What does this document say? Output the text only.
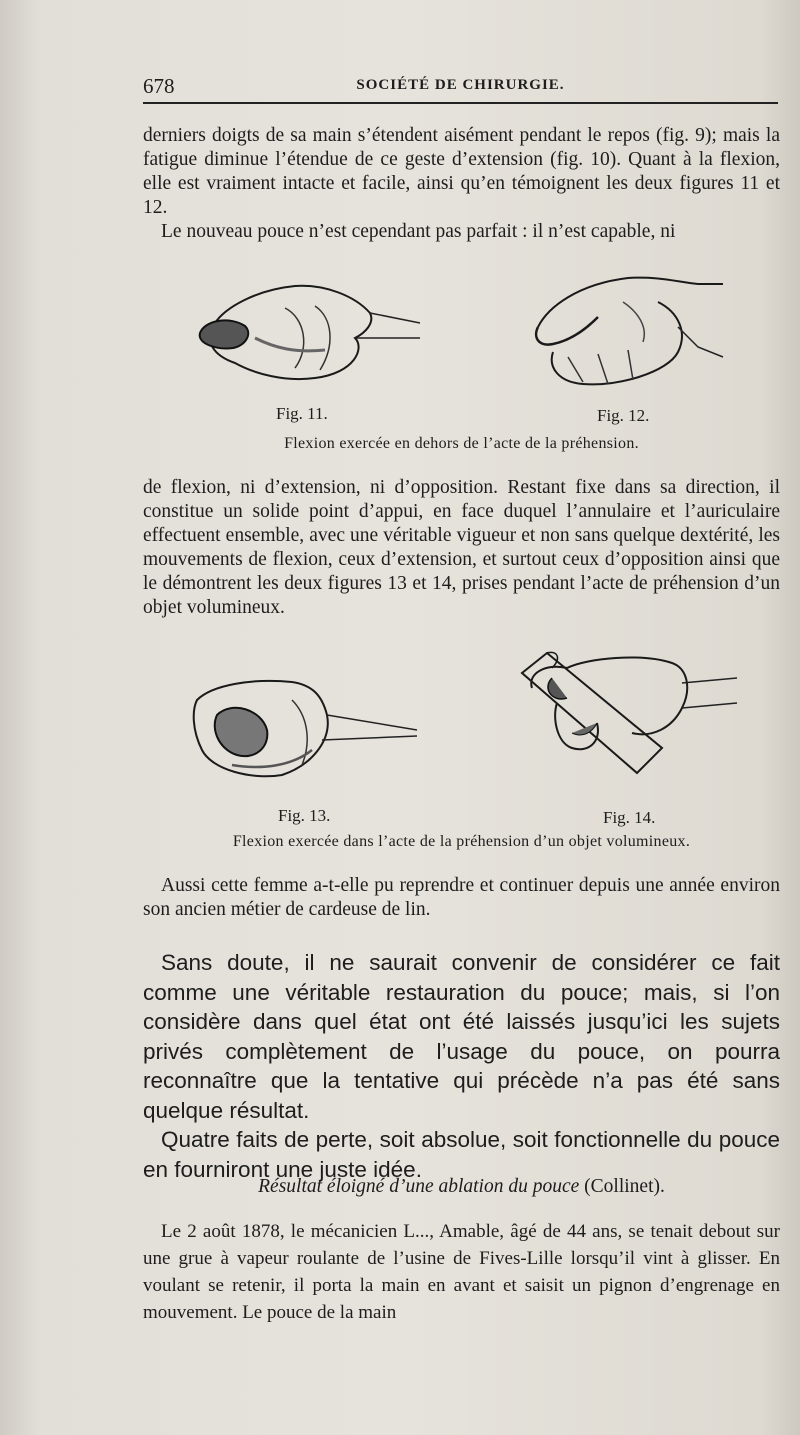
678	SOCIÉTÉ DE CHIRURGIE.
derniers doigts de sa main s’étendent aisément pendant le repos (fig. 9); mais la fatigue diminue l’étendue de ce geste d’extension (fig. 10). Quant à la flexion, elle est vraiment intacte et facile, ainsi qu’en témoignent les deux figures 11 et 12.
Le nouveau pouce n’est cependant pas parfait : il n’est capable, ni
Fig. 11.	Fig. 12.
Flexion exercée en dehors de l’acte de la préhension.
de flexion, ni d’extension, ni d’opposition. Restant fixe dans sa direction, il constitue un solide point d’appui, en face duquel l’annulaire et l’auriculaire effectuent ensemble, avec une véritable vigueur et non sans quelque dextérité, les mouvements de flexion, ceux d’extension, et surtout ceux d’opposition ainsi que le démontrent les deux figures 13 et 14, prises pendant l’acte de préhension d’un objet volumineux.
Fig. 13.	Fig. 14.
Flexion exercée dans l’acte de la préhension d’un objet volumineux.
Aussi cette femme a-t-elle pu reprendre et continuer depuis une année environ son ancien métier de cardeuse de lin.
Sans doute, il ne saurait convenir de considérer ce fait comme une véritable restauration du pouce; mais, si l’on considère dans quel état ont été laissés jusqu’ici les sujets privés complètement de l’usage du pouce, on pourra reconnaître que la tentative qui précède n’a pas été sans quelque résultat.
Quatre faits de perte, soit absolue, soit fonctionnelle du pouce en fourniront une juste idée.
Résultat éloigné d’une ablation du pouce (Collinet).
Le 2 août 1878, le mécanicien L..., Amable, âgé de 44 ans, se tenait debout sur une grue à vapeur roulante de l’usine de Fives-Lille lorsqu’il vint à glisser. En voulant se retenir, il porta la main en avant et saisit un pignon d’engrenage en mouvement. Le pouce de la main
